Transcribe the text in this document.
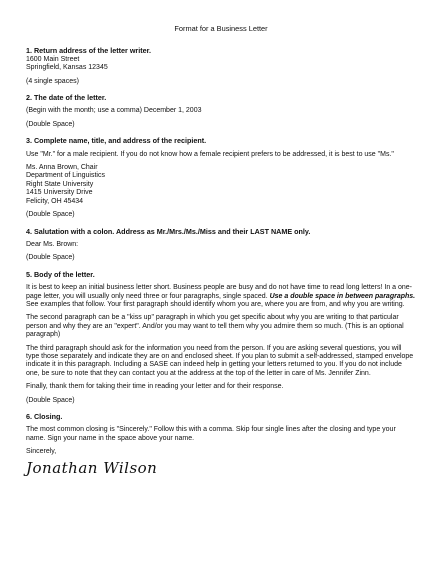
Format for a Business Letter

1. Return address of the letter writer.

1600 Main Street

Springfield, Kansas 12345

(4 single spaces)

2. The date of the letter.

(Begin with the month; use a comma) December 1, 2003

(Double Space)

3. Complete name, title, and address of the recipient.

Use "Mr." for a male recipient. If you do not know how a female recipient prefers to be addressed, it is best to use "Ms."

Ms. Anna Brown, Chair

Department of Linguistics

Right State University

1415 University Drive

Felicity, OH 45434

(Double Space)

4. Salutation with a colon. Address as Mr./Mrs./Ms./Miss and their LAST NAME only.

Dear Ms. Brown:

(Double Space)

5. Body of the letter.

It is best to keep an initial business letter short. Business people are busy and do not have time to read long letters! In a one-page letter, you will usually only need three or four paragraphs, single spaced. Use a double space in between paragraphs. See examples that follow. Your first paragraph should identify whom you are, where you are from, and why you are writing.

The second paragraph can be a "kiss up" paragraph in which you get specific about why you are writing to that particular person and why they are an "expert". And/or you may want to tell them why you admire them so much. (This is an optional paragraph)

The third paragraph should ask for the information you need from the person. If you are asking several questions, you will type those separately and indicate they are on and enclosed sheet. If you plan to submit a self-addressed, stamped envelope indicate it in this paragraph. Including a SASE can indeed help in getting your letters returned to you. If you do not include one, be sure to note that they can contact you at the address at the top of the letter in care of Ms. Jennifer Zinn.

Finally, thank them for taking their time in reading your letter and for their response.

(Double Space)

6. Closing.

The most common closing is "Sincerely." Follow this with a comma. Skip four single lines after the closing and type your name. Sign your name in the space above your name.

Sincerely,

Jonathan Wilson
